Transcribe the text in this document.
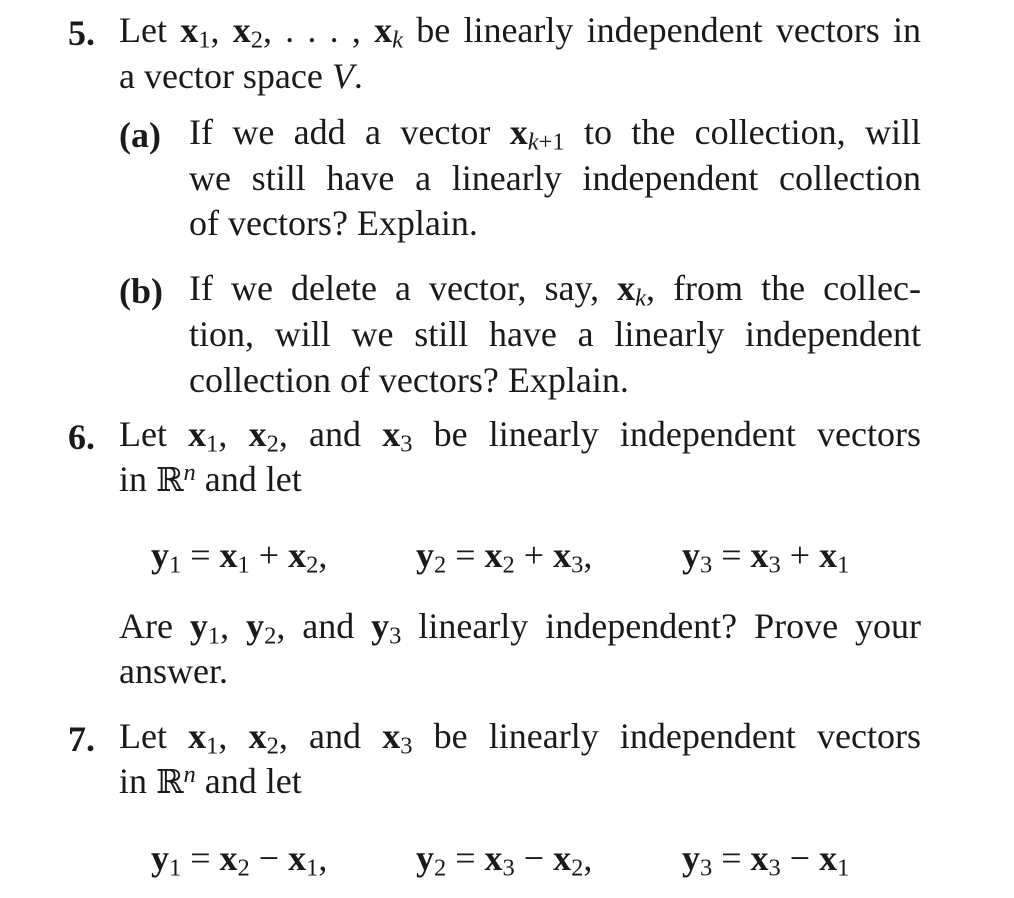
5. Let $x_1$, $x_2$, . . . , $x_k$ be linearly independent vectors in
a vector space V.
(a) If we add a vector $x_{k+1}$ to the collection, will
we still have a linearly independent collection
of vectors? Explain.
(b) If we delete a vector, say, $x_k$, from the collec-
tion, will we still have a linearly independent
collection of vectors? Explain.
6. Let $x_1$, $x_2$, and $x_3$ be linearly independent vectors
in ℝ$^n$ and let
$y_1 = x_1 + x_2$, $y_2 = x_2 + x_3$, $y_3 = x_3 + x_1$
Are $y_1$, $y_2$, and $y_3$ linearly independent? Prove your
answer.
7. Let $x_1$, $x_2$, and $x_3$ be linearly independent vectors
in ℝ$^n$ and let
$y_1 = x_2 - x_1$, $y_2 = x_3 - x_2$, $y_3 = x_3 - x_1$
